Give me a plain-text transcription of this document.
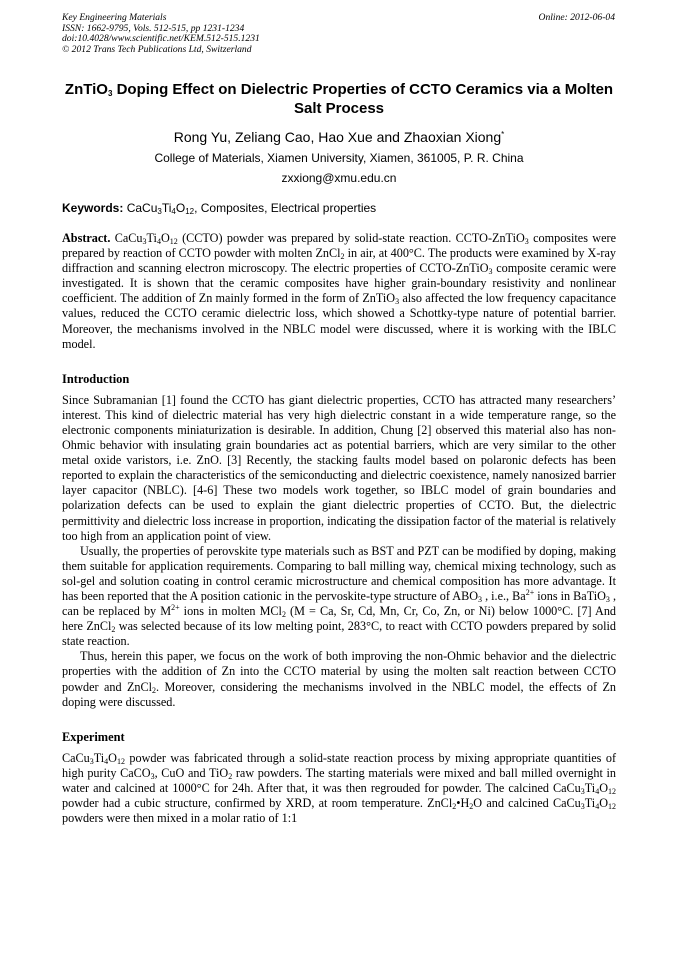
Key Engineering Materials
ISSN: 1662-9795, Vols. 512-515, pp 1231-1234
doi:10.4028/www.scientific.net/KEM.512-515.1231
© 2012 Trans Tech Publications Ltd, Switzerland
Online: 2012-06-04
ZnTiO$_3$ Doping Effect on Dielectric Properties of CCTO Ceramics via a Molten Salt Process
Rong Yu, Zeliang Cao, Hao Xue and Zhaoxian Xiong*
College of Materials, Xiamen University, Xiamen, 361005, P. R. China
zxxiong@xmu.edu.cn
Keywords: $CaCu_3Ti_4O_{12}$, Composites, Electrical properties

Abstract. $CaCu_3Ti_4O_{12}$ (CCTO) powder was prepared by solid-state reaction. CCTO-ZnTiO$_3$ composites were prepared by reaction of CCTO powder with molten ZnCl$_2$ in air, at 400°C. The products were examined by X-ray diffraction and scanning electron microscopy. The electric properties of CCTO-ZnTiO$_3$ composite ceramic were investigated. It is shown that the ceramic composites have higher grain-boundary resistivity and nonlinear coefficient. The addition of Zn mainly formed in the form of ZnTiO$_3$ also affected the low frequency capacitance values, reduced the CCTO ceramic dielectric loss, which showed a Schottky-type nature of potential barrier. Moreover, the mechanisms involved in the NBLC model were discussed, where it is working with the IBLC model.

Introduction

Since Subramanian [1] found the CCTO has giant dielectric properties, CCTO has attracted many researchers’ interest. This kind of dielectric material has very high dielectric constant in a wide temperature range, so the electronic components miniaturization is desirable. In addition, Chung [2] observed this material also has non-Ohmic behavior with insulating grain boundaries act as potential barriers, which are very similar to the other metal oxide varistors, i.e. ZnO. [3] Recently, the stacking faults model based on polaronic defects has been reported to explain the characteristics of the semiconducting and dielectric coexistence, namely nanosized barrier layer capacitor (NBLC). [4-6] These two models work together, so IBLC model of grain boundaries and polarization defects can be used to explain the giant dielectric properties of CCTO. But, the dielectric permittivity and dielectric loss increase in proportion, indicating the dissipation factor of the material is relatively too high from an application point of view.

Usually, the properties of perovskite type materials such as BST and PZT can be modified by doping, making them suitable for application requirements. Comparing to ball milling way, chemical mixing technology, such as sol-gel and solution coating in control ceramic microstructure and chemical composition has more advantage. It has been reported that the A position cationic in the pervoskite-type structure of $ABO_3$ , i.e., $Ba^{2+}$ ions in BaTiO$_3$ , can be replaced by $M^{2+}$ ions in molten MCl$_2$ (M = Ca, Sr, Cd, Mn, Cr, Co, Zn, or Ni) below 1000°C. [7] And here ZnCl$_2$ was selected because of its low melting point, 283°C, to react with CCTO powders prepared by solid state reaction.

Thus, herein this paper, we focus on the work of both improving the non-Ohmic behavior and the dielectric properties with the addition of Zn into the CCTO material by using the molten salt reaction between CCTO powder and ZnCl$_2$. Moreover, considering the mechanisms involved in the NBLC model, the effects of Zn doping were discussed.

Experiment

$CaCu_3Ti_4O_{12}$ powder was fabricated through a solid-state reaction process by mixing appropriate quantities of high purity CaCO$_3$, CuO and TiO$_2$ raw powders. The starting materials were mixed and ball milled overnight in water and calcined at 1000°C for 24h. After that, it was then regrouded for powder. The calcined $CaCu_3Ti_4O_{12}$ powder had a cubic structure, confirmed by XRD, at room temperature. $ZnCl_2•H_2O$ and calcined $CaCu_3Ti_4O_{12}$ powders were then mixed in a molar ratio of 1:1
